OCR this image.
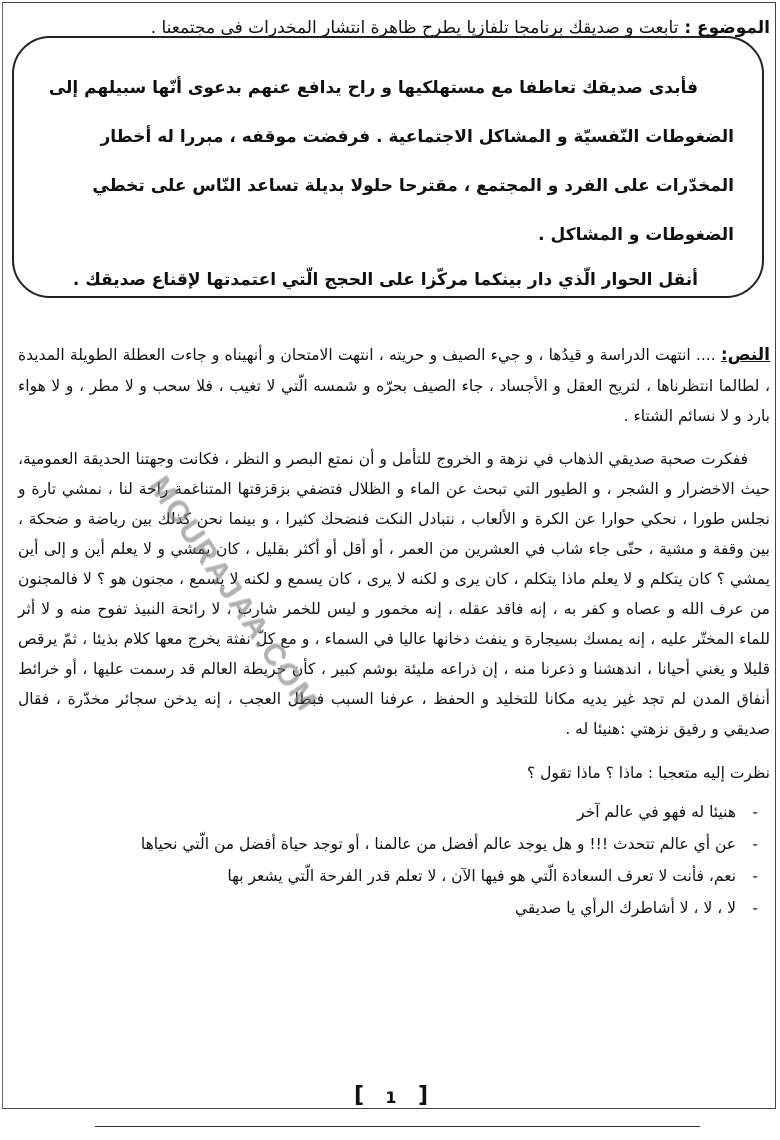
الموضوع : تابعت و صديقك برنامجا تلفازيا يطرح ظاهرة انتشار المخدرات في مجتمعنا .

فأبدى صديقك تعاطفا مع مستهلكيها و راح يدافع عنهم بدعوى أنّها سبيلهم إلى

الضغوطات النّفسيّة و المشاكل الاجتماعية . فرفضت موقفه ، مبررا له أخطار

المخدّرات على الفرد و المجتمع ، مقترحا حلولا بديلة تساعد النّاس على تخطي

الضغوطات و المشاكل .

أنقل الحوار الّذي دار بينكما مركّزا على الحجج الّتي اعتمدتها لإقناع صديقك .

النص: .... انتهت الدراسة و قيدُها ، و جيء الصيف و حريته ، انتهت الامتحان و أنهيناه و جاءت العطلة الطويلة المديدة ، لطالما انتظرناها ، لتريح العقل و الأجساد ، جاء الصيف بحرّه و شمسه الّتي لا تغيب ، فلا سحب و لا مطر ، و لا هواء بارد و لا نسائم الشتاء .

ففكرت صحبة صديقي الذهاب في نزهة و الخروج للتأمل و أن نمتع البصر و النظر ، فكانت وجهتنا الحديقة العمومية، حيث الاخضرار و الشجر ، و الطيور التي تبحث عن الماء و الظلال فتضفي بزقزقتها المتناغمة راحة لنا ، نمشي تارة و نجلس طورا ، نحكي حوارا عن الكرة و الألعاب ، نتبادل النكت فنضحك كثيرا ، و بينما نحن كذلك بين رياضة و ضحكة ، بين وقفة و مشية ، حتّى جاء شاب في العشرين من العمر ، أو أقل أو أكثر بقليل ، كان يمشي و لا يعلم أين و إلى أين يمشي ؟ كان يتكلم و لا يعلم ماذا يتكلم ، كان يرى و لكنه لا يرى ، كان يسمع و لكنه لا يسمع ، مجنون هو ؟ لا فالمجنون من عرف الله و عصاه و كفر به ، إنه فاقد عقله ، إنه مخمور و ليس للخمر شارب ، لا رائحة النبيذ تفوح منه و لا أثر للماء المختّر عليه ، إنه يمسك بسيجارة و ينفث دخانها عاليا في السماء ، و مع كلّ نفثة يخرج معها كلام بذيئا ، ثمّ يرقص قليلا و يغني أحيانا ، اندهشنا و ذعرنا منه ، إن ذراعه مليئة بوشم كبير ، كأن خريطة العالم قد رسمت عليها ، أو خرائط أنفاق المدن لم تجد غير يديه مكانا للتخليد و الحفظ ، عرفنا السبب فبطل العجب ، إنه يدخن سجائر مخدّرة ، فقال صديقي و رفيق نزهتي :هنيئا له .

نظرت إليه متعجبا : ماذا ؟ ماذا تقول ؟

- هنيئا له فهو في عالم آخر
- عن أي عالم تتحدث !!! و هل يوجد عالم أفضل من عالمنا ، أو توجد حياة أفضل من الّتي نحياها
- نعم، فأنت لا تعرف السعادة الّتي هو فيها الآن ، لا تعلم قدر الفرحة الّتي يشعر بها
- لا ، لا ، لا أشاطرك الرأي يا صديقي
MOURAJAA.COM
[ 1 ]
